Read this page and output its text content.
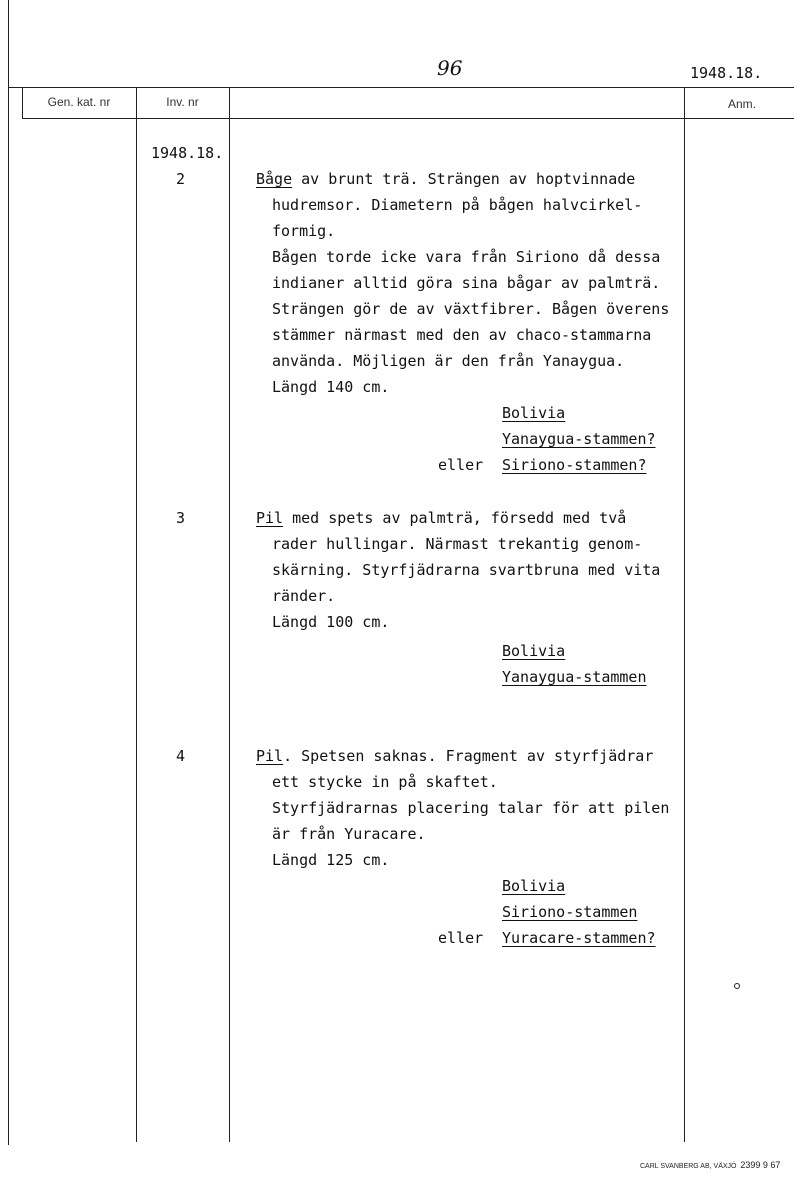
Gen. kat. nr	Inv. nr	Anm.
96	1948.18.
1948.18.
2	Båge av brunt trä. Strängen av hoptvinnade
hudremsor. Diametern på bågen halvcirkel-
formig.
Bågen torde icke vara från Siriono då dessa
indianer alltid göra sina bågar av palmträ.
Strängen gör de av växtfibrer. Bågen överens
stämmer närmast med den av chaco-stammarna
använda. Möjligen är den från Yanaygua.
Längd 140 cm.
Bolivia
Yanaygua-stammen?
eller Siriono-stammen?
3	Pil med spets av palmträ, försedd med två
rader hullingar. Närmast trekantig genom-
skärning. Styrfjädrarna svartbruna med vita
ränder.
Längd 100 cm.
Bolivia
Yanaygua-stammen
4	Pil. Spetsen saknas. Fragment av styrfjädrar
ett stycke in på skaftet.
Styrfjädrarnas placering talar för att pilen
är från Yuracare.
Längd 125 cm.
Bolivia
Siriono-stammen
eller Yuracare-stammen?
CARL SVANBERG AB, VÄXJÖ 2399 9 67
